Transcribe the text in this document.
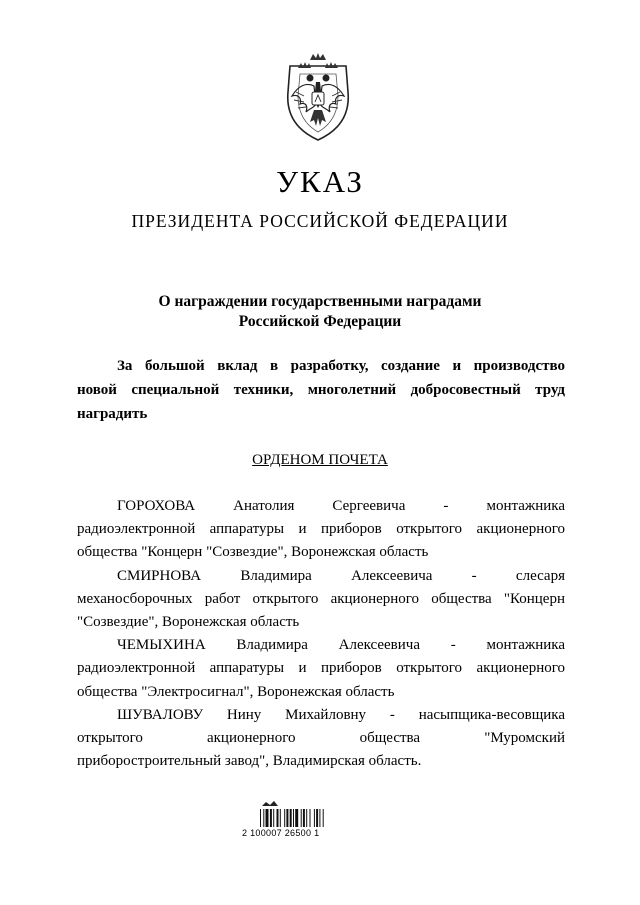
УКАЗ
ПРЕЗИДЕНТА РОССИЙСКОЙ ФЕДЕРАЦИИ
О награждении государственными наградами
Российской Федерации
За большой вклад в разработку, создание и производство
новой специальной техники, многолетний добросовестный труд
наградить
ОРДЕНОМ ПОЧЕТА
ГОРОХОВА	Анатолия	Сергеевича	-	монтажника
радиоэлектронной аппаратуры и приборов открытого акционерного
общества "Концерн "Созвездие", Воронежская область
СМИРНОВА	Владимира	Алексеевича	-	слесаря
механосборочных работ открытого акционерного общества "Концерн
"Созвездие", Воронежская область
ЧЕМЫХИНА Владимира Алексеевича - монтажника
радиоэлектронной аппаратуры и приборов открытого акционерного
общества "Электросигнал", Воронежская область
ШУВАЛОВУ Нину Михайловну - насыпщика-весовщика
открытого	акционерного	общества	"Муромский
приборостроительный завод", Владимирская область.
2 100007 26500 1
